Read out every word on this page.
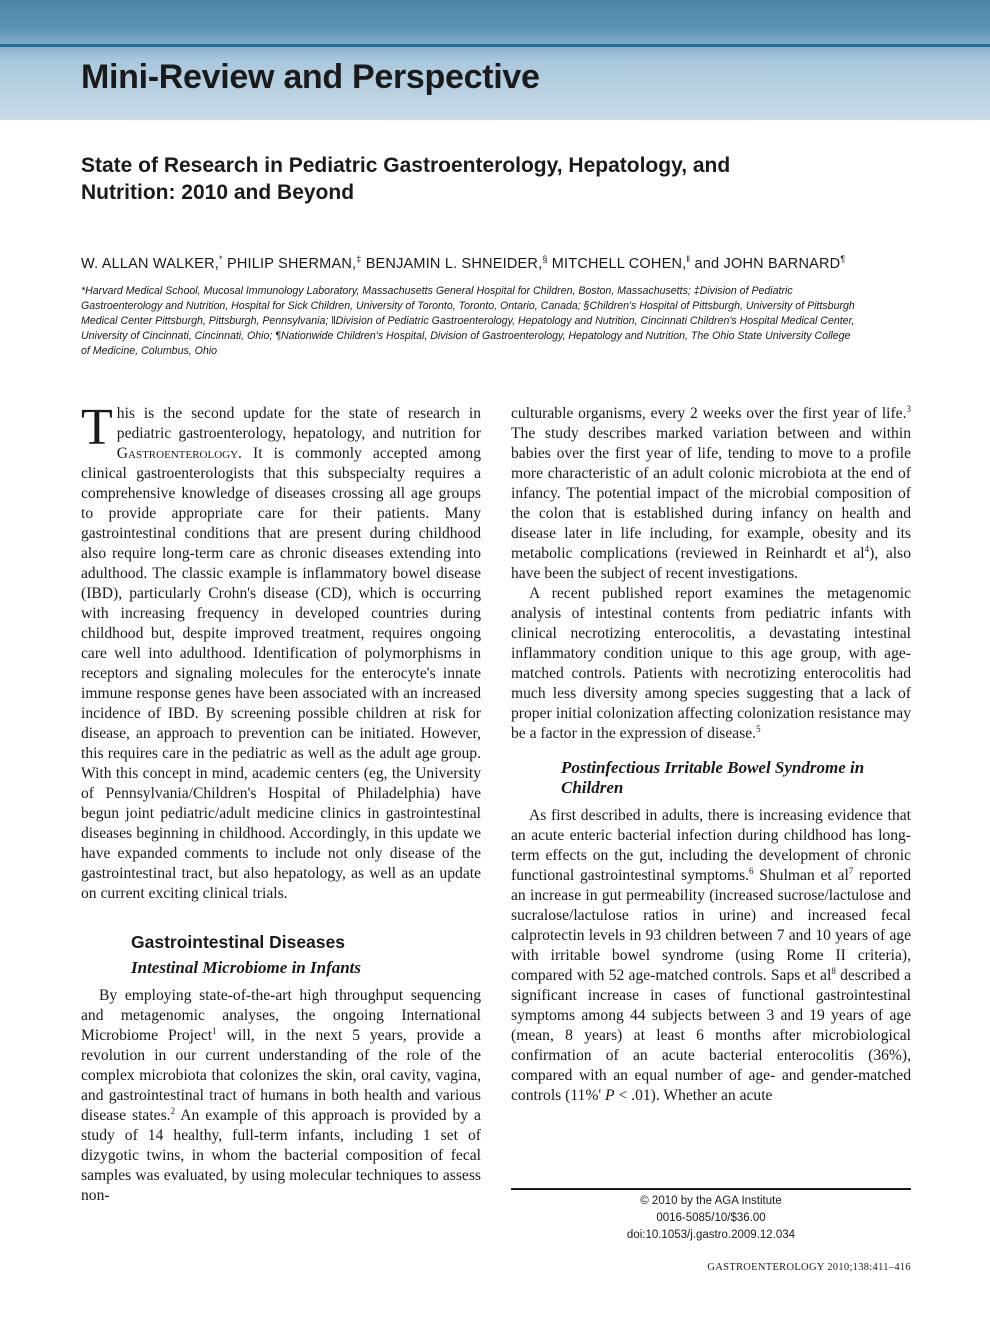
Mini-Review and Perspective
State of Research in Pediatric Gastroenterology, Hepatology, and
Nutrition: 2010 and Beyond
W. ALLAN WALKER,* PHILIP SHERMAN,‡ BENJAMIN L. SHNEIDER,§ MITCHELL COHEN,‖ and JOHN BARNARD¶
*Harvard Medical School, Mucosal Immunology Laboratory, Massachusetts General Hospital for Children, Boston, Massachusetts; ‡Division of Pediatric
Gastroenterology and Nutrition, Hospital for Sick Children, University of Toronto, Toronto, Ontario, Canada; §Children's Hospital of Pittsburgh, University of Pittsburgh
Medical Center Pittsburgh, Pittsburgh, Pennsylvania; ‖Division of Pediatric Gastroenterology, Hepatology and Nutrition, Cincinnati Children's Hospital Medical Center,
University of Cincinnati, Cincinnati, Ohio; ¶Nationwide Children's Hospital, Division of Gastroenterology, Hepatology and Nutrition, The Ohio State University College
of Medicine, Columbus, Ohio

This is the second update for the state of research in pediatric gastroenterology, hepatology, and nutrition for Gastroenterology. It is commonly accepted among clinical gastroenterologists that this subspecialty requires a comprehensive knowledge of diseases crossing all age groups to provide appropriate care for their patients. Many gastrointestinal conditions that are present during childhood also require long-term care as chronic diseases extending into adulthood. The classic example is inflammatory bowel disease (IBD), particularly Crohn's disease (CD), which is occurring with increasing frequency in developed countries during childhood but, despite improved treatment, requires ongoing care well into adulthood. Identification of polymorphisms in receptors and signaling molecules for the enterocyte's innate immune response genes have been associated with an increased incidence of IBD. By screening possible children at risk for disease, an approach to prevention can be initiated. However, this requires care in the pediatric as well as the adult age group. With this concept in mind, academic centers (eg, the University of Pennsylvania/Children's Hospital of Philadelphia) have begun joint pediatric/adult medicine clinics in gastrointestinal diseases beginning in childhood. Accordingly, in this update we have expanded comments to include not only disease of the gastrointestinal tract, but also hepatology, as well as an update on current exciting clinical trials.

Gastrointestinal Diseases
Intestinal Microbiome in Infants

By employing state-of-the-art high throughput sequencing and metagenomic analyses, the ongoing International Microbiome Project$^1$ will, in the next 5 years, provide a revolution in our current understanding of the role of the complex microbiota that colonizes the skin, oral cavity, vagina, and gastrointestinal tract of humans in both health and various disease states.$^2$ An example of this approach is provided by a study of 14 healthy, full-term infants, including 1 set of dizygotic twins, in whom the bacterial composition of fecal samples was evaluated, by using molecular techniques to assess non-

culturable organisms, every 2 weeks over the first year of life.$^3$ The study describes marked variation between and within babies over the first year of life, tending to move to a profile more characteristic of an adult colonic microbiota at the end of infancy. The potential impact of the microbial composition of the colon that is established during infancy on health and disease later in life including, for example, obesity and its metabolic complications (reviewed in Reinhardt et al$^4$), also have been the subject of recent investigations.

A recent published report examines the metagenomic analysis of intestinal contents from pediatric infants with clinical necrotizing enterocolitis, a devastating intestinal inflammatory condition unique to this age group, with age-matched controls. Patients with necrotizing enterocolitis had much less diversity among species suggesting that a lack of proper initial colonization affecting colonization resistance may be a factor in the expression of disease.$^5$

Postinfectious Irritable Bowel Syndrome in Children

As first described in adults, there is increasing evidence that an acute enteric bacterial infection during childhood has long-term effects on the gut, including the development of chronic functional gastrointestinal symptoms.$^6$ Shulman et al$^7$ reported an increase in gut permeability (increased sucrose/lactulose and sucralose/lactulose ratios in urine) and increased fecal calprotectin levels in 93 children between 7 and 10 years of age with irritable bowel syndrome (using Rome II criteria), compared with 52 age-matched controls. Saps et al$^8$ described a significant increase in cases of functional gastrointestinal symptoms among 44 subjects between 3 and 19 years of age (mean, 8 years) at least 6 months after microbiological confirmation of an acute bacterial enterocolitis (36%), compared with an equal number of age- and gender-matched controls (11%' P < .01). Whether an acute

© 2010 by the AGA Institute
0016-5085/10/$36.00
doi:10.1053/j.gastro.2009.12.034
GASTROENTEROLOGY 2010;138:411–416
